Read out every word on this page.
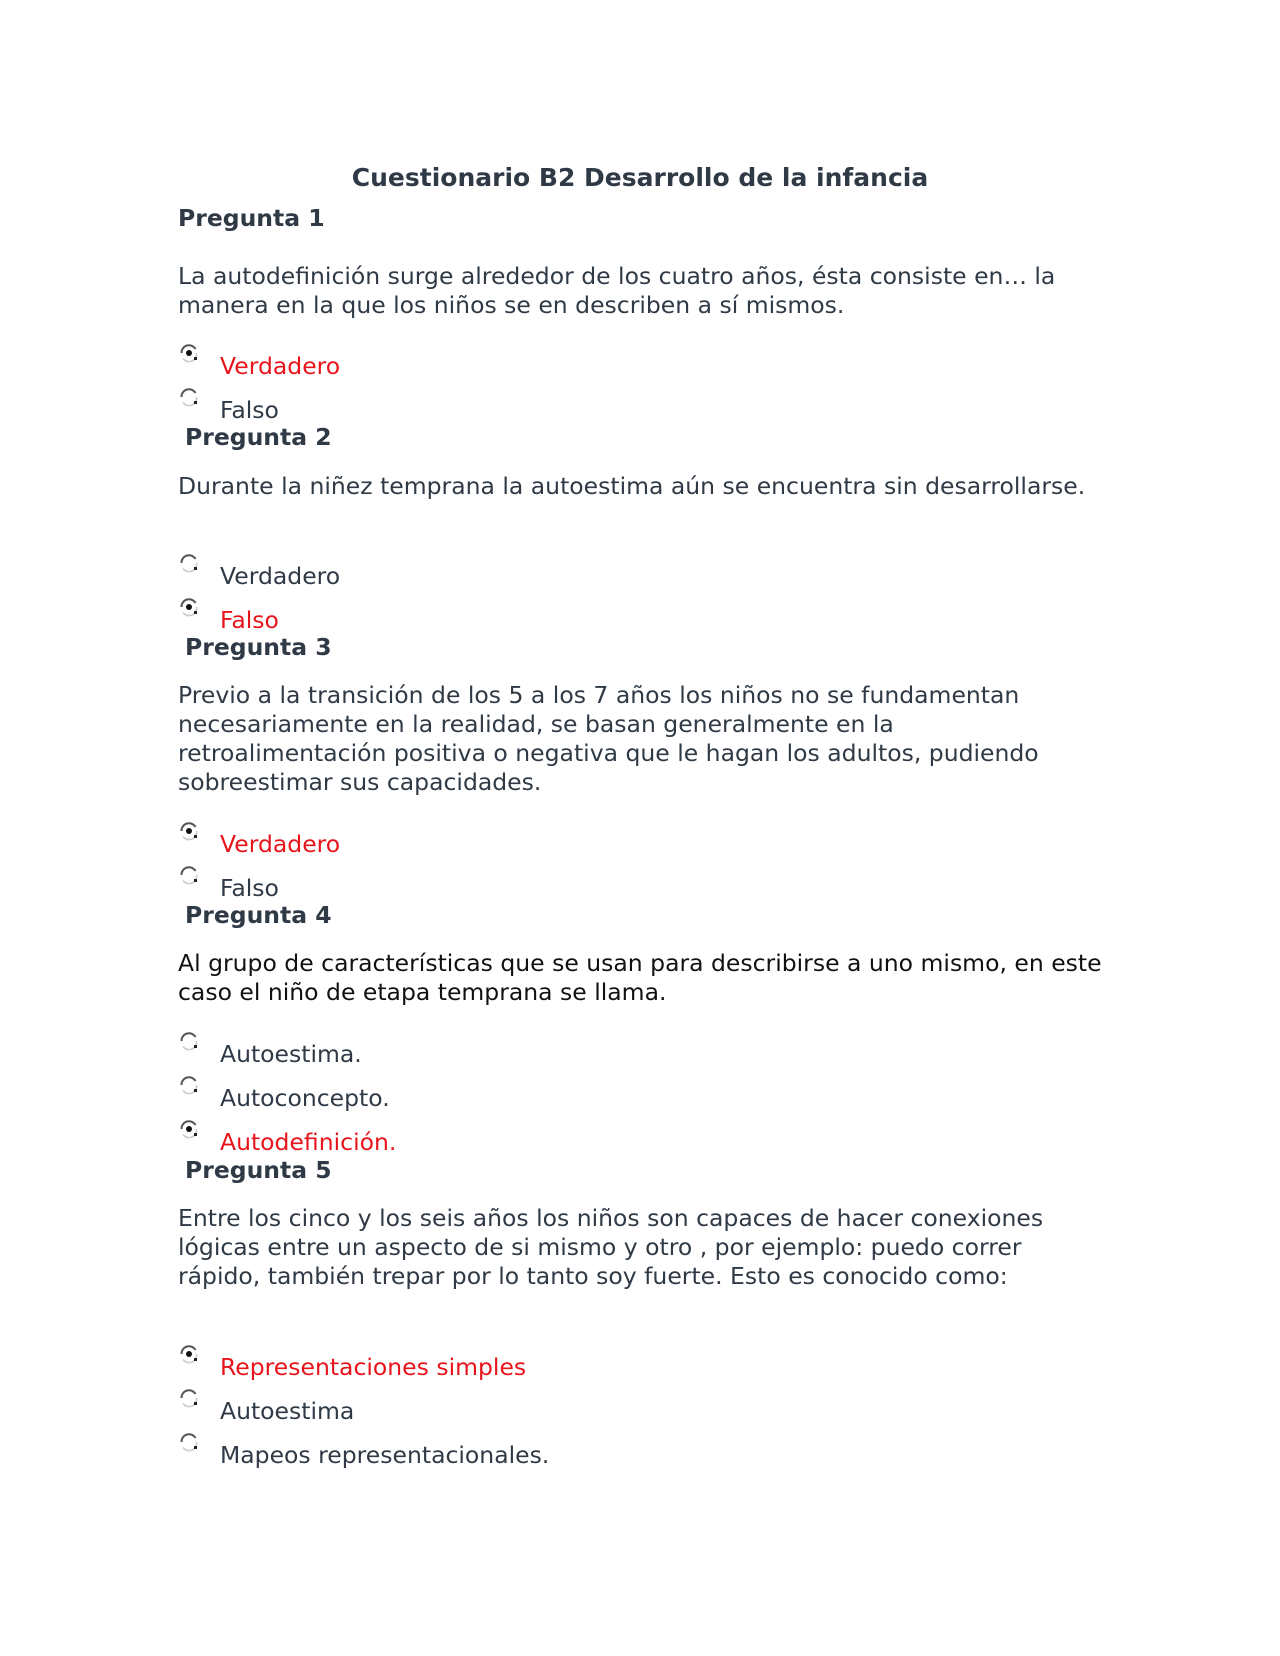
Cuestionario B2 Desarrollo de la infancia
Pregunta 1

La autodefinición surge alrededor de los cuatro años, ésta consiste en… la manera en la que los niños se en describen a sí mismos.

Verdadero
Falso
Pregunta 2

Durante la niñez temprana la autoestima aún se encuentra sin desarrollarse.

Verdadero
Falso
Pregunta 3

Previo a la transición de los 5 a los 7 años los niños no se fundamentan necesariamente en la realidad, se basan generalmente en la retroalimentación positiva o negativa que le hagan los adultos, pudiendo sobreestimar sus capacidades.

Verdadero
Falso
Pregunta 4

Al grupo de características que se usan para describirse a uno mismo, en este caso el niño de etapa temprana se llama.

Autoestima.
Autoconcepto.
Autodefinición.
Pregunta 5

Entre los cinco y los seis años los niños son capaces de hacer conexiones lógicas entre un aspecto de si mismo y otro , por ejemplo: puedo correr rápido, también trepar por lo tanto soy fuerte. Esto es conocido como:

Representaciones simples
Autoestima
Mapeos representacionales.
